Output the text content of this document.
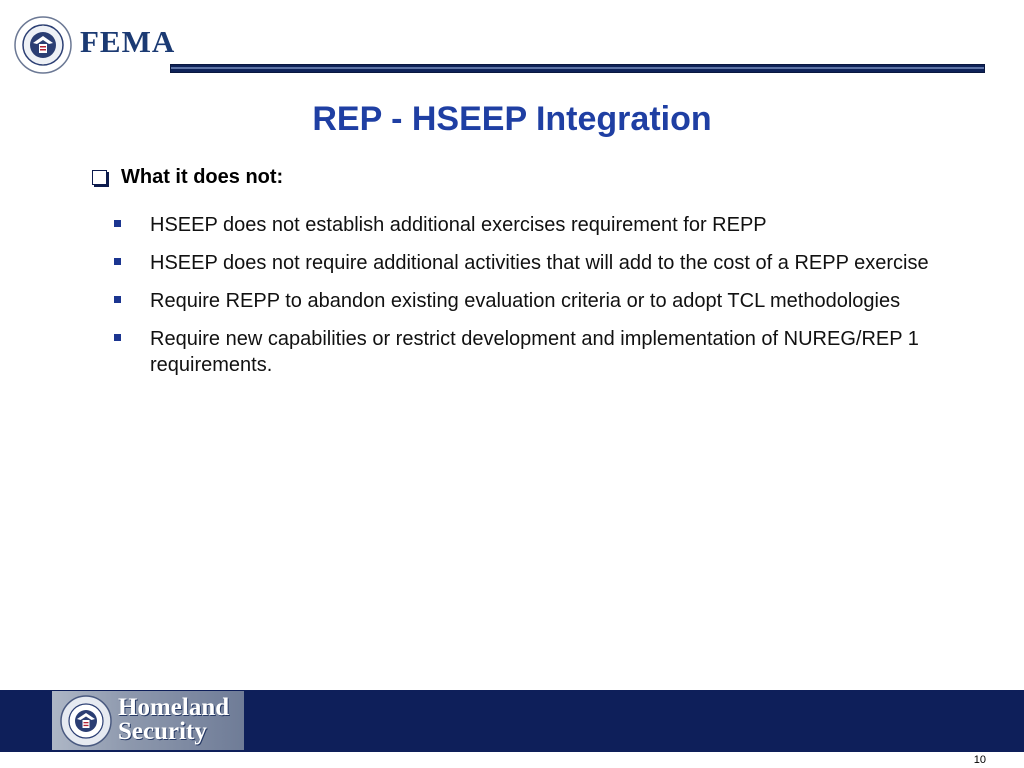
FEMA
REP - HSEEP Integration
What it does not:
HSEEP does not establish additional exercises requirement for REPP
HSEEP does not require additional activities that will add to the cost of a REPP exercise
Require REPP to abandon existing evaluation criteria or to adopt TCL methodologies
Require new capabilities or restrict development and implementation of NUREG/REP 1 requirements.
Homeland
Security
10
